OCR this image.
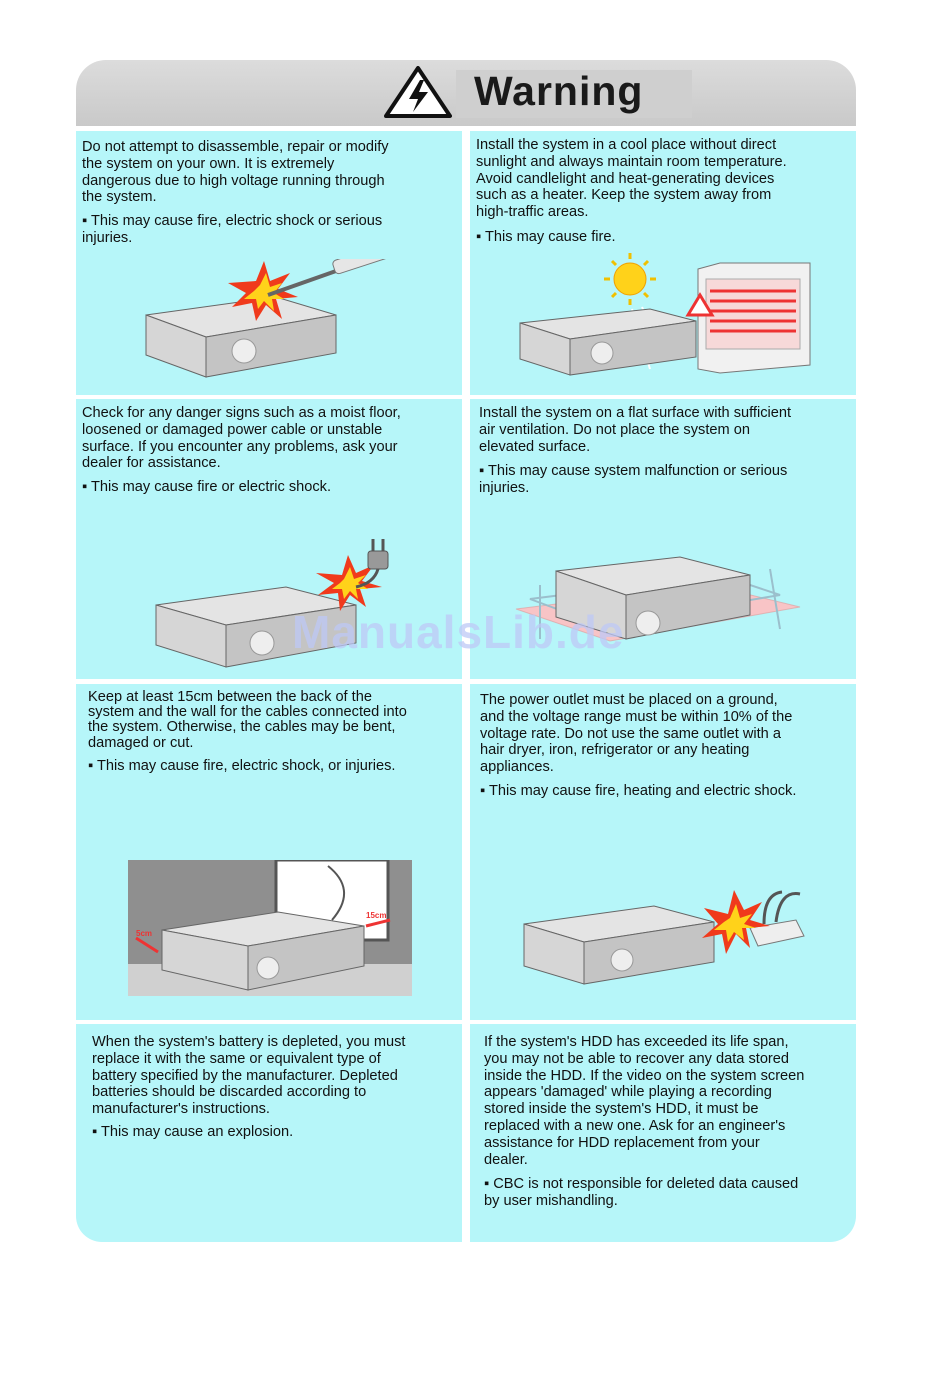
Warning
Do not attempt to disassemble, repair or modify
the system on your own. It is extremely
dangerous due to high voltage running through
the system.
▪ This may cause fire, electric shock or serious
injuries.
Install the system in a cool place without direct
sunlight and always maintain room temperature.
Avoid candlelight and heat-generating devices
such as a heater. Keep the system away from
high-traffic areas.
▪ This may cause fire.
Check for any danger signs such as a moist floor,
loosened or damaged power cable or unstable
surface. If you encounter any problems, ask your
dealer for assistance.
▪ This may cause fire or electric shock.
Install the system on a flat surface with sufficient
air ventilation. Do not place the system on
elevated surface.
▪ This may cause system malfunction or serious
injuries.
Keep at least 15cm between the back of the
system and the wall for the cables connected into
the system. Otherwise, the cables may be bent,
damaged or cut.
▪ This may cause fire, electric shock, or injuries.
5cm
15cm
The power outlet must be placed on a ground,
and the voltage range must be within 10% of the
voltage rate. Do not use the same outlet with a
hair dryer, iron, refrigerator or any heating
appliances.
▪ This may cause fire, heating and electric shock.
When the system's battery is depleted, you must
replace it with the same or equivalent type of
battery specified by the manufacturer. Depleted
batteries should be discarded according to
manufacturer's instructions.
▪ This may cause an explosion.
If the system's HDD has exceeded its life span,
you may not be able to recover any data stored
inside the HDD. If the video on the system screen
appears 'damaged' while playing a recording
stored inside the system's HDD, it must be
replaced with a new one. Ask for an engineer's
assistance for HDD replacement from your
dealer.
▪ CBC is not responsible for deleted data caused
by user mishandling.
ManualsLib.de
